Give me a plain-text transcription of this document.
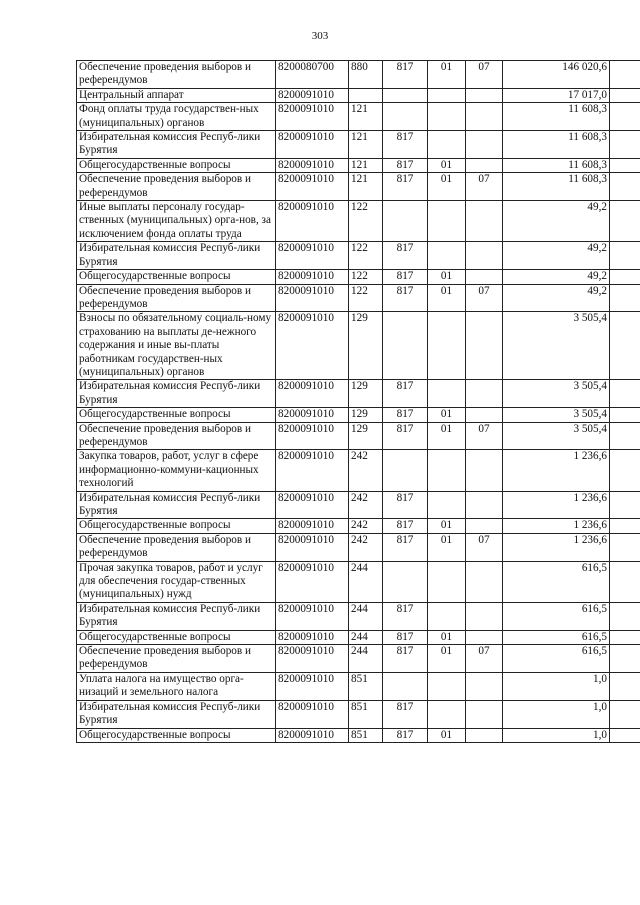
303
Обеспечение проведения выборов и референдумов	8200080700	880	817	01	07	146 020,6	
Центральный аппарат	8200091010					17 017,0	
Фонд оплаты труда государствен-ных (муниципальных) органов	8200091010	121				11 608,3	
Избирательная комиссия Респуб-лики Бурятия	8200091010	121	817			11 608,3	
Общегосударственные вопросы	8200091010	121	817	01		11 608,3	
Обеспечение проведения выборов и референдумов	8200091010	121	817	01	07	11 608,3	
Иные выплаты персоналу государ-ственных (муниципальных) орга-нов, за исключением фонда оплаты труда	8200091010	122				49,2	
Избирательная комиссия Респуб-лики Бурятия	8200091010	122	817			49,2	
Общегосударственные вопросы	8200091010	122	817	01		49,2	
Обеспечение проведения выборов и референдумов	8200091010	122	817	01	07	49,2	
Взносы по обязательному социаль-ному страхованию на выплаты де-нежного содержания и иные вы-платы работникам государствен-ных (муниципальных) органов	8200091010	129				3 505,4	
Избирательная комиссия Респуб-лики Бурятия	8200091010	129	817			3 505,4	
Общегосударственные вопросы	8200091010	129	817	01		3 505,4	
Обеспечение проведения выборов и референдумов	8200091010	129	817	01	07	3 505,4	
Закупка товаров, работ, услуг в сфере информационно-коммуни-кационных технологий	8200091010	242				1 236,6	
Избирательная комиссия Респуб-лики Бурятия	8200091010	242	817			1 236,6	
Общегосударственные вопросы	8200091010	242	817	01		1 236,6	
Обеспечение проведения выборов и референдумов	8200091010	242	817	01	07	1 236,6	
Прочая закупка товаров, работ и услуг для обеспечения государ-ственных (муниципальных) нужд	8200091010	244				616,5	
Избирательная комиссия Респуб-лики Бурятия	8200091010	244	817			616,5	
Общегосударственные вопросы	8200091010	244	817	01		616,5	
Обеспечение проведения выборов и референдумов	8200091010	244	817	01	07	616,5	
Уплата налога на имущество орга-низаций и земельного налога	8200091010	851				1,0	
Избирательная комиссия Респуб-лики Бурятия	8200091010	851	817			1,0	
Общегосударственные вопросы	8200091010	851	817	01		1,0	
